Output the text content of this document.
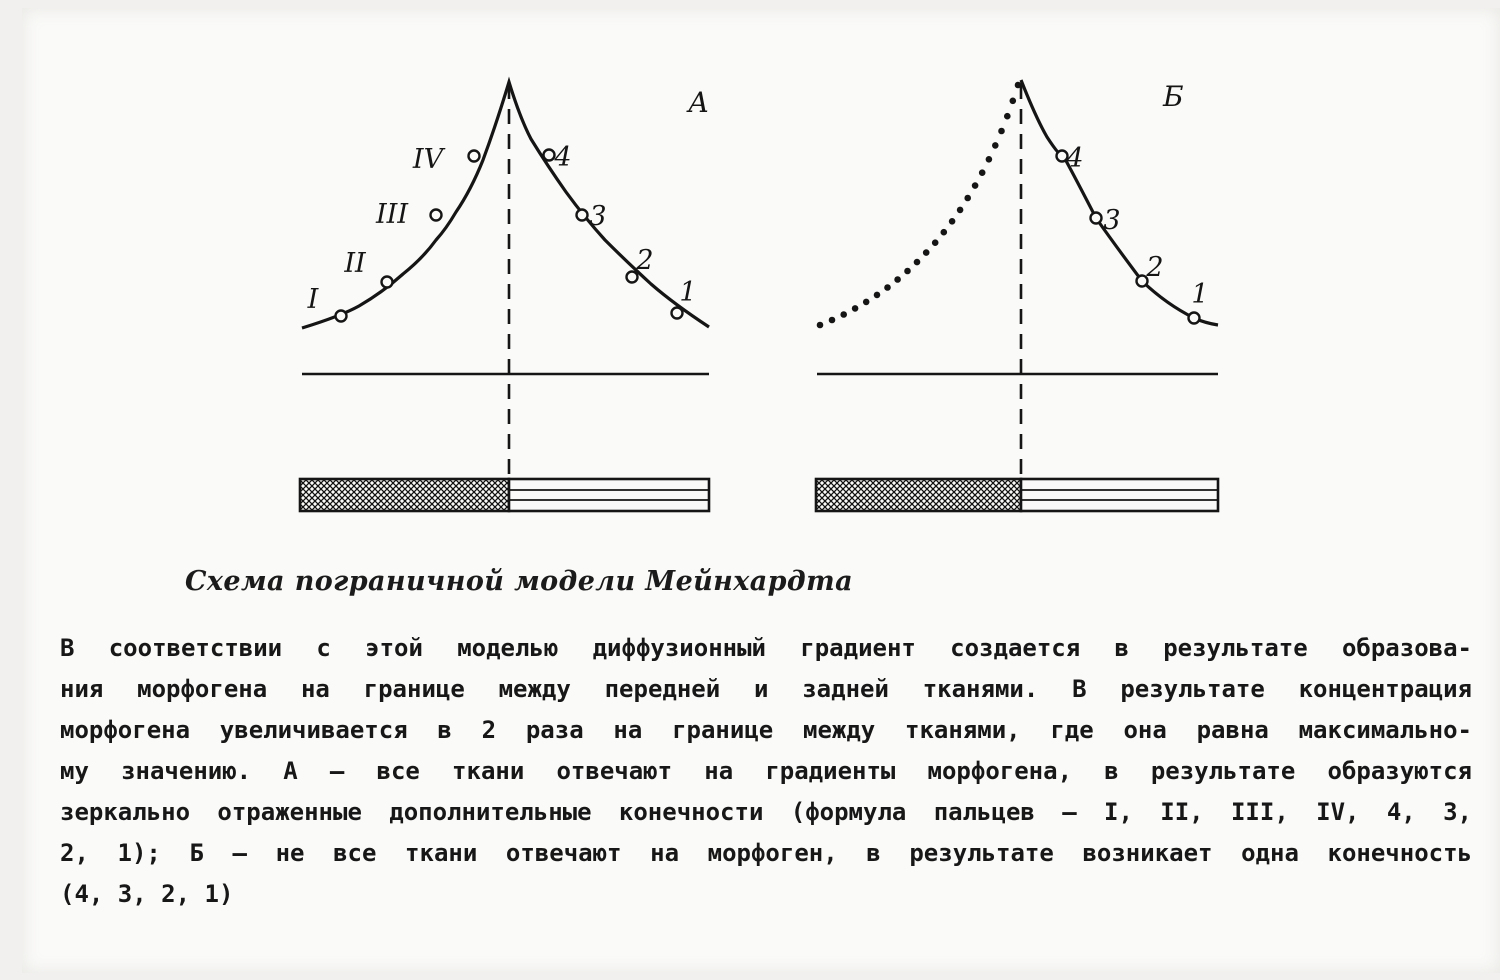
А
I
II
III
IV	4
3
2
1
Б
4
3
2
1
Схема пограничной модели Мейнхардта
В соответствии с этой моделью диффузионный градиент создается в результате образова-
ния морфогена на границе между передней и задней тканями. В результате концентрация
морфогена увеличивается в 2 раза на границе между тканями, где она равна максимально-
му значению. А — все ткани отвечают на градиенты морфогена, в результате образуются
зеркально отраженные дополнительные конечности (формула пальцев — I, II, III, IV, 4, 3,
2, 1); Б — не все ткани отвечают на морфоген, в результате возникает одна конечность
(4, 3, 2, 1)
